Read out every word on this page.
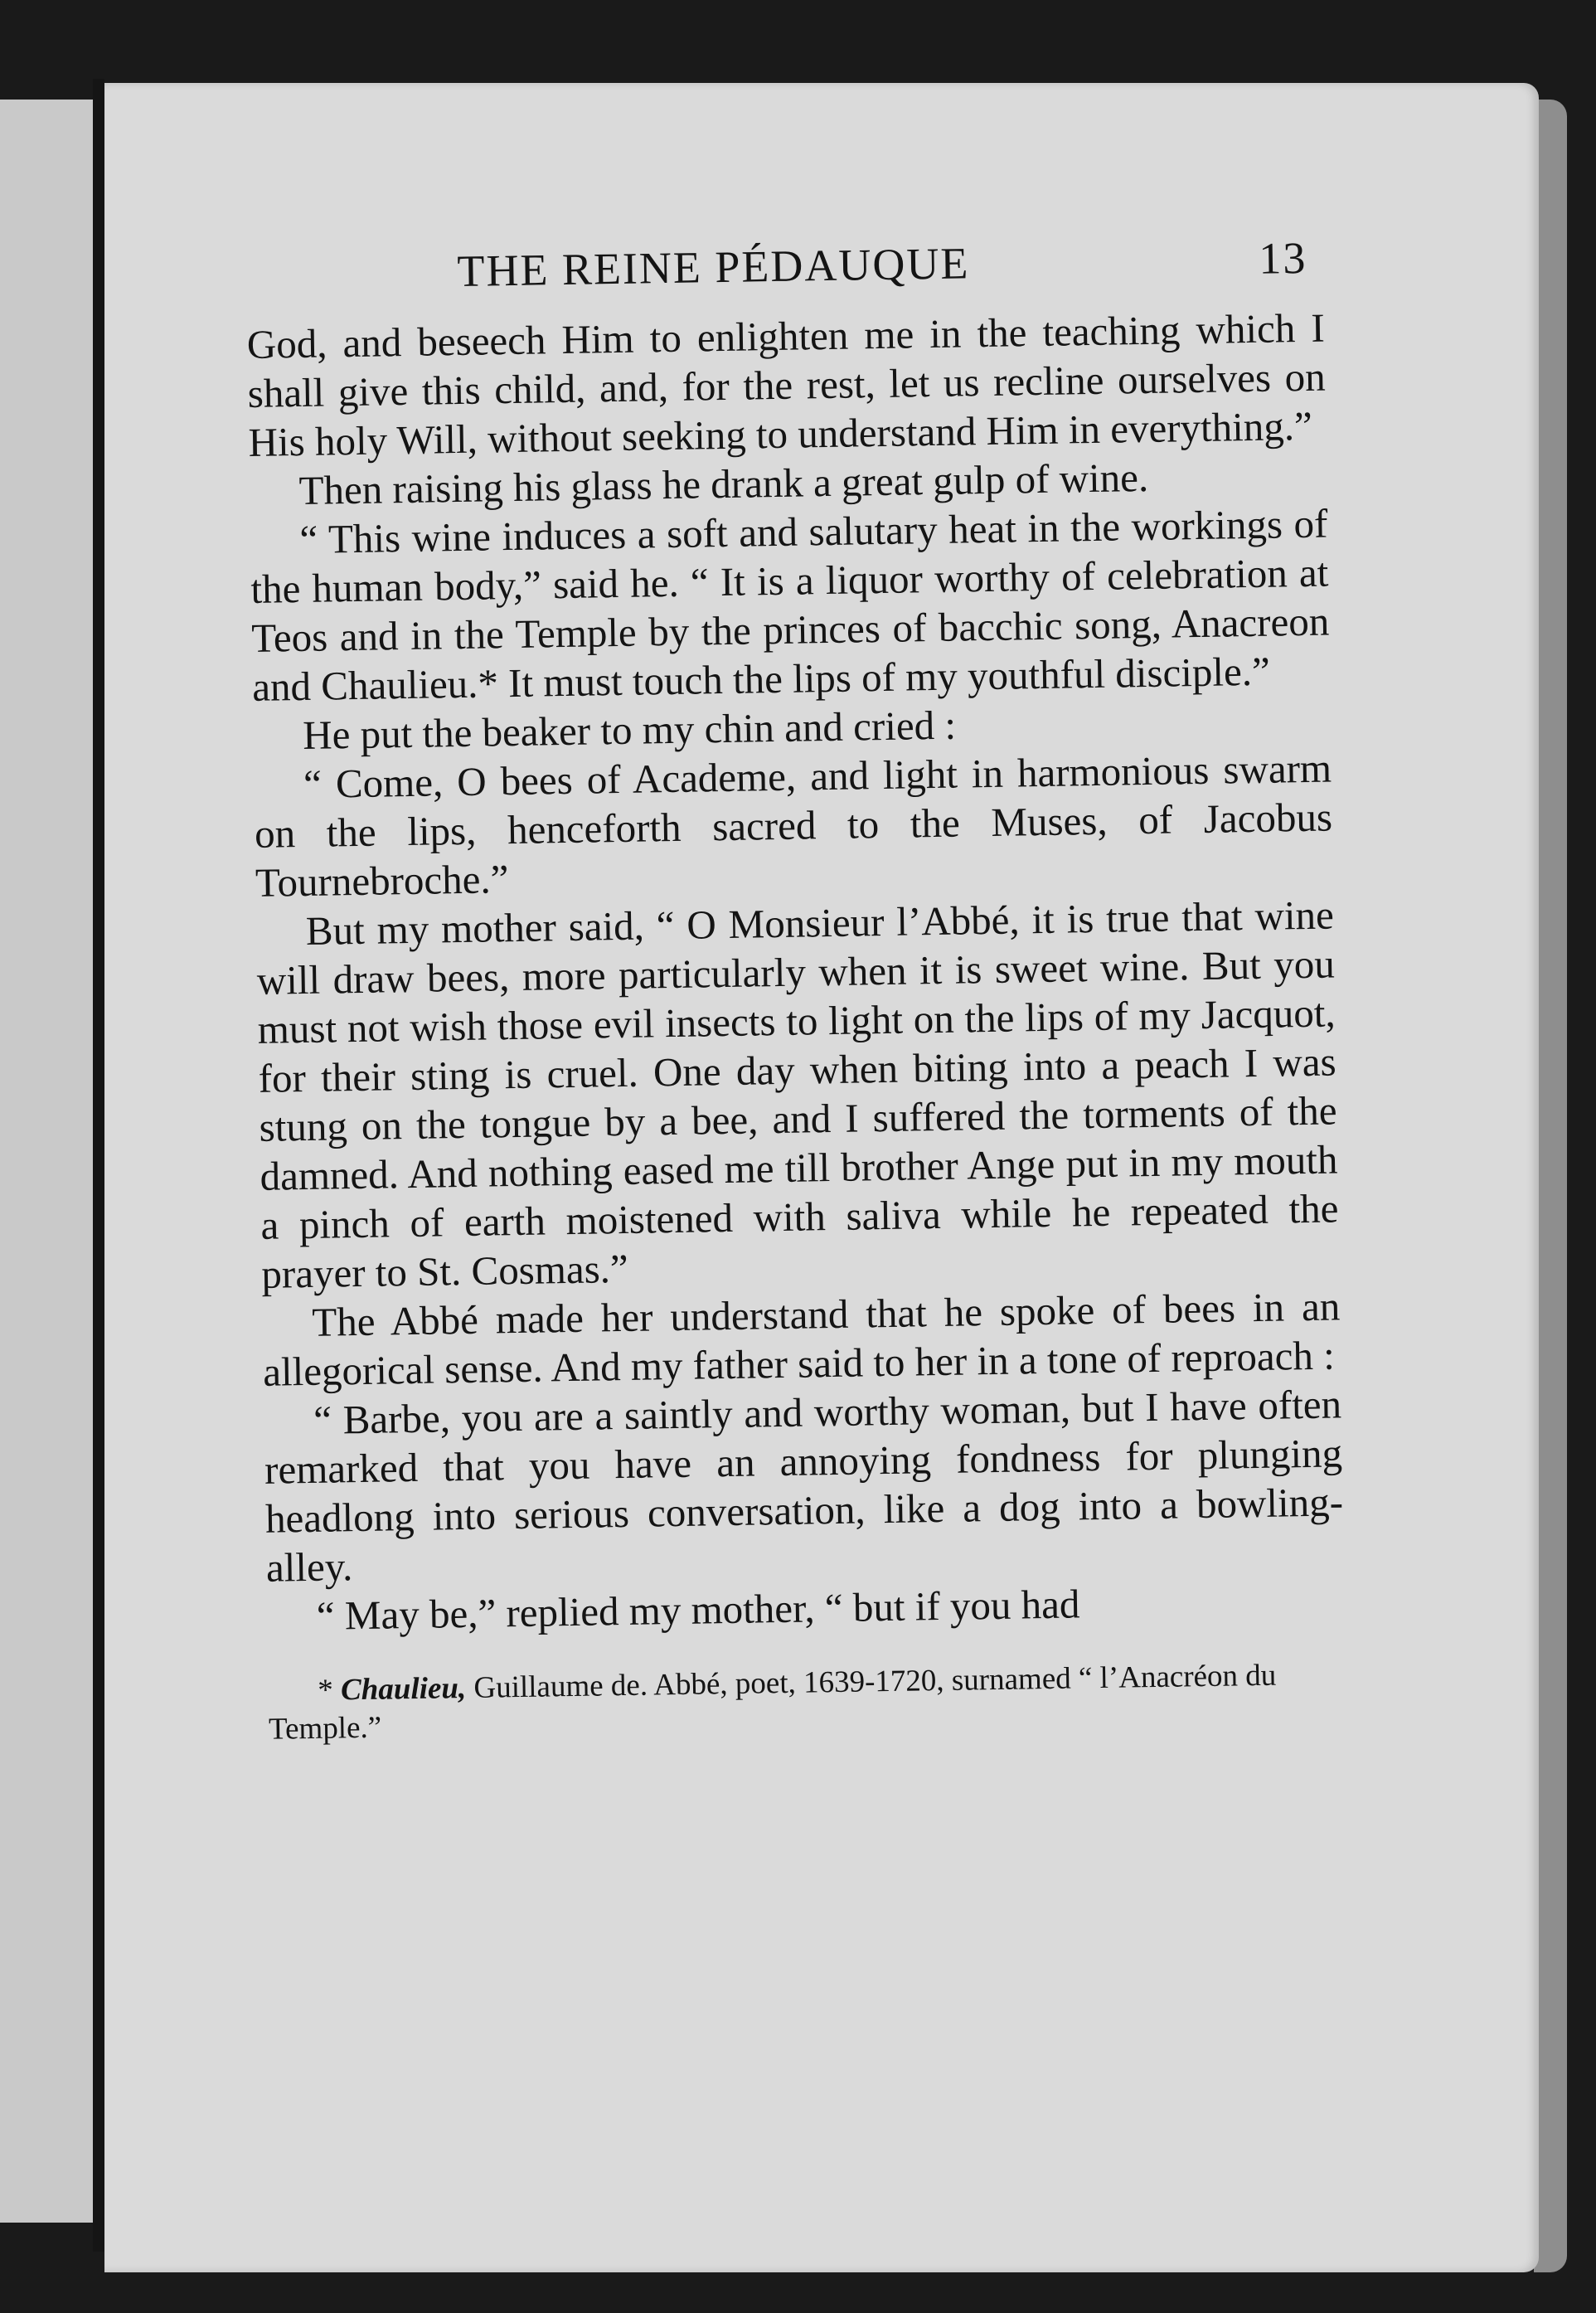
THE REINE PÉDAUQUE	13

God, and beseech Him to enlighten me in the teaching which I shall give this child, and, for the rest, let us recline ourselves on His holy Will, without seeking to understand Him in everything.”

Then raising his glass he drank a great gulp of wine.

“ This wine induces a soft and salutary heat in the workings of the human body,” said he. “ It is a liquor worthy of celebration at Teos and in the Temple by the princes of bacchic song, Anacreon and Chaulieu.* It must touch the lips of my youthful disciple.”

He put the beaker to my chin and cried :

“ Come, O bees of Academe, and light in harmonious swarm on the lips, henceforth sacred to the Muses, of Jacobus Tournebroche.”

But my mother said, “ O Monsieur l’Abbé, it is true that wine will draw bees, more particularly when it is sweet wine. But you must not wish those evil insects to light on the lips of my Jacquot, for their sting is cruel. One day when biting into a peach I was stung on the tongue by a bee, and I suffered the torments of the damned. And nothing eased me till brother Ange put in my mouth a pinch of earth moistened with saliva while he repeated the prayer to St. Cosmas.”

The Abbé made her understand that he spoke of bees in an allegorical sense. And my father said to her in a tone of reproach :

“ Barbe, you are a saintly and worthy woman, but I have often remarked that you have an annoying fondness for plunging headlong into serious conversation, like a dog into a bowling-alley.

“ May be,” replied my mother, “ but if you had

* Chaulieu, Guillaume de. Abbé, poet, 1639-1720, surnamed “ l’Anacréon du Temple.”
